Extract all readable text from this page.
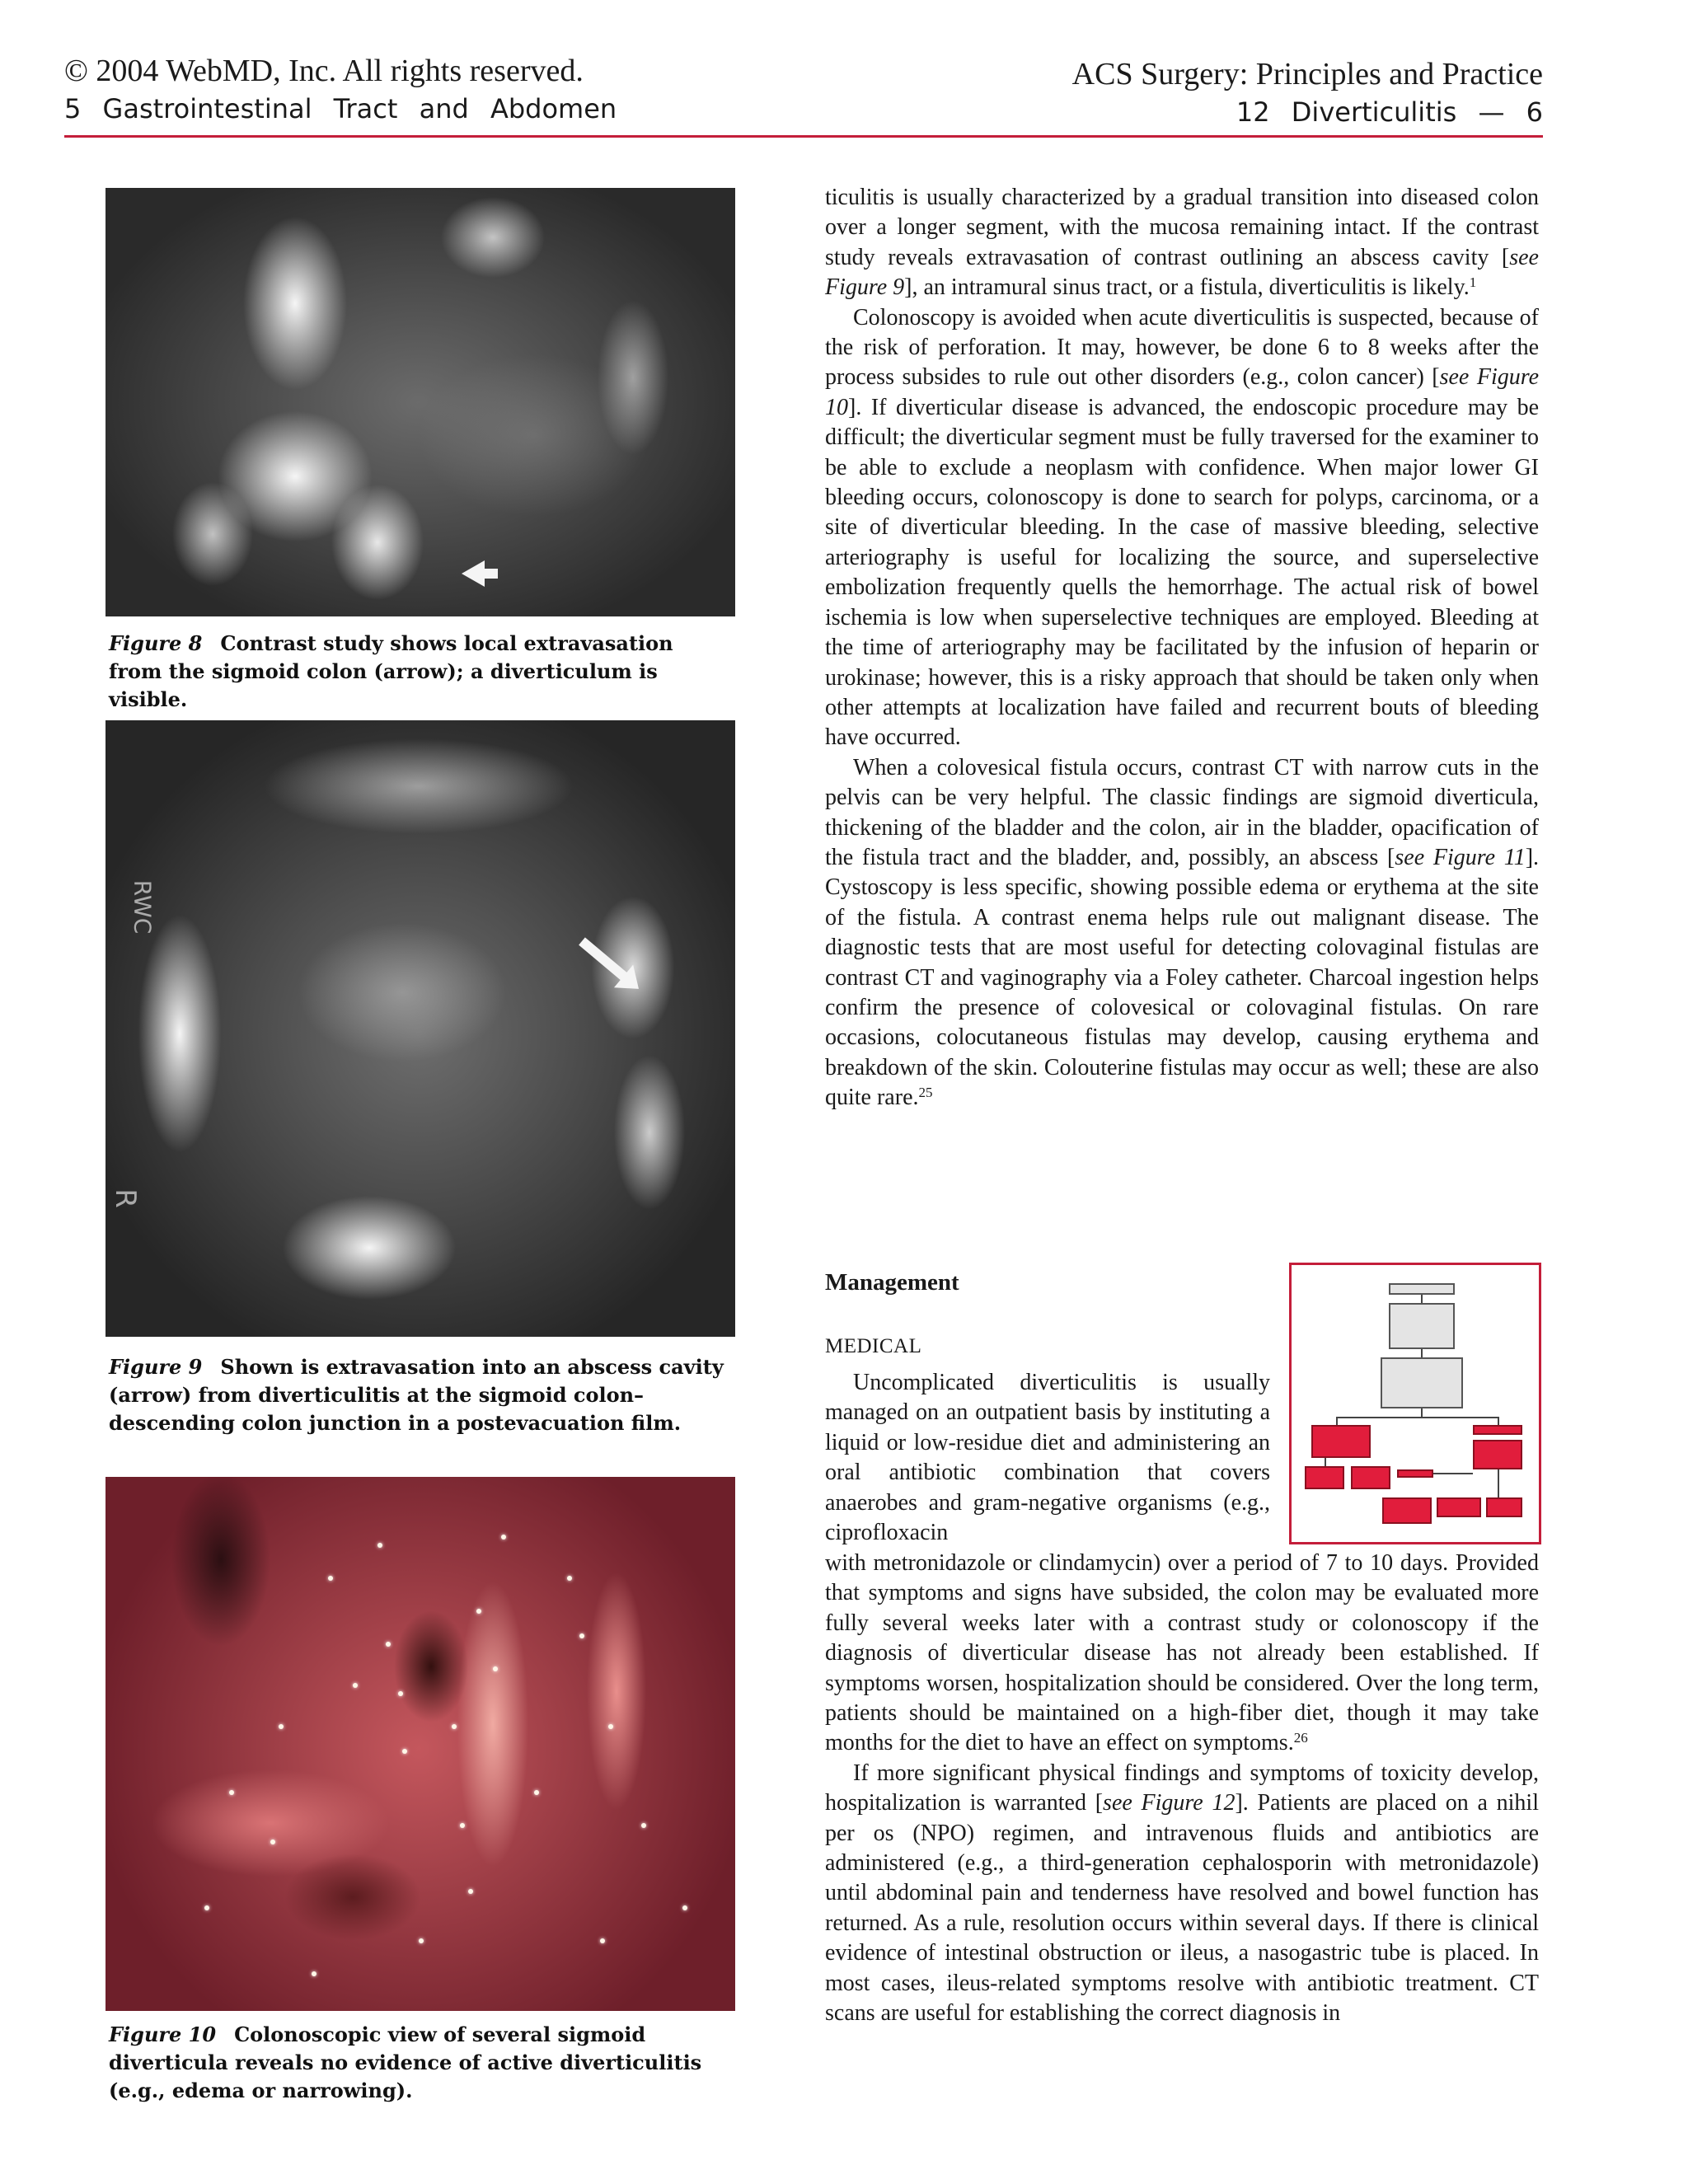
© 2004 WebMD, Inc. All rights reserved.
5 Gastrointestinal Tract and Abdomen
ACS Surgery: Principles and Practice
12 Diverticulitis — 6
Figure 8 Contrast study shows local extravasation from the sigmoid colon (arrow); a diverticulum is visible.
RWC
R
Figure 9 Shown is extravasation into an abscess cavity (arrow) from diverticulitis at the sigmoid colon–descending colon junction in a postevacuation film.
Figure 10 Colonoscopic view of several sigmoid diverticula reveals no evidence of active diverticulitis (e.g., edema or narrowing).

ticulitis is usually characterized by a gradual transition into diseased colon over a longer segment, with the mucosa remaining intact. If the contrast study reveals extravasation of contrast outlining an abscess cavity [see Figure 9], an intramural sinus tract, or a fistula, diverticulitis is likely.$^1$

Colonoscopy is avoided when acute diverticulitis is suspected, because of the risk of perforation. It may, however, be done 6 to 8 weeks after the process subsides to rule out other disorders (e.g., colon cancer) [see Figure 10]. If diverticular disease is advanced, the endoscopic procedure may be difficult; the diverticular segment must be fully traversed for the examiner to be able to exclude a neoplasm with confidence. When major lower GI bleeding occurs, colonoscopy is done to search for polyps, carcinoma, or a site of diverticular bleeding. In the case of massive bleeding, selective arteriography is useful for localizing the source, and superselective embolization frequently quells the hemorrhage. The actual risk of bowel ischemia is low when superselective techniques are employed. Bleeding at the time of arteriography may be facilitated by the infusion of heparin or urokinase; however, this is a risky approach that should be taken only when other attempts at localization have failed and recurrent bouts of bleeding have occurred.

When a colovesical fistula occurs, contrast CT with narrow cuts in the pelvis can be very helpful. The classic findings are sigmoid diverticula, thickening of the bladder and the colon, air in the bladder, opacification of the fistula tract and the bladder, and, possibly, an abscess [see Figure 11]. Cystoscopy is less specific, showing possible edema or erythema at the site of the fistula. A contrast enema helps rule out malignant disease. The diagnostic tests that are most useful for detecting colovaginal fistulas are contrast CT and vaginography via a Foley catheter. Charcoal ingestion helps confirm the presence of colovesical or colovaginal fistulas. On rare occasions, colocutaneous fistulas may develop, causing erythema and breakdown of the skin. Colouterine fistulas may occur as well; these are also quite rare.$^{25}$

Management
MEDICAL

Uncomplicated diverticulitis is usually managed on an outpatient basis by instituting a liquid or low-residue diet and administering an oral antibiotic combination that covers anaerobes and gram-negative organisms (e.g., ciprofloxacin

with metronidazole or clindamycin) over a period of 7 to 10 days. Provided that symptoms and signs have subsided, the colon may be evaluated more fully several weeks later with a contrast study or colonoscopy if the diagnosis of diverticular disease has not already been established. If symptoms worsen, hospitalization should be considered. Over the long term, patients should be maintained on a high-fiber diet, though it may take months for the diet to have an effect on symptoms.$^{26}$

If more significant physical findings and symptoms of toxicity develop, hospitalization is warranted [see Figure 12]. Patients are placed on a nihil per os (NPO) regimen, and intravenous fluids and antibiotics are administered (e.g., a third-generation cephalosporin with metronidazole) until abdominal pain and tenderness have resolved and bowel function has returned. As a rule, resolution occurs within several days. If there is clinical evidence of intestinal obstruction or ileus, a nasogastric tube is placed. In most cases, ileus-related symptoms resolve with antibiotic treatment. CT scans are useful for establishing the correct diagnosis in
